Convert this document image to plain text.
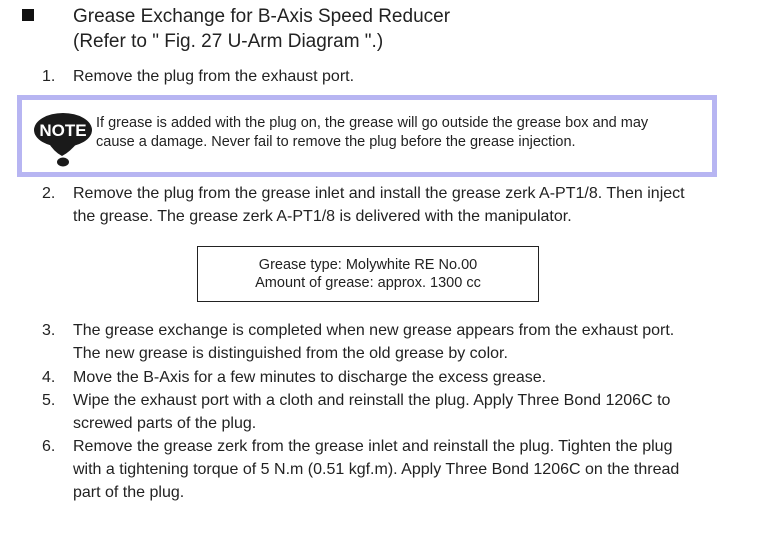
Grease Exchange for B-Axis Speed Reducer
(Refer to " Fig. 27 U-Arm Diagram ".)
1.	Remove the plug from the exhaust port.
NOTE If grease is added with the plug on, the grease will go outside the grease box and may
cause a damage. Never fail to remove the plug before the grease injection.
2.	Remove the plug from the grease inlet and install the grease zerk A-PT1/8. Then inject
the grease. The grease zerk A-PT1/8 is delivered with the manipulator.
Grease type: Molywhite RE No.00
Amount of grease: approx. 1300 cc
3.	The grease exchange is completed when new grease appears from the exhaust port.
The new grease is distinguished from the old grease by color.
4.	Move the B-Axis for a few minutes to discharge the excess grease.
5.	Wipe the exhaust port with a cloth and reinstall the plug. Apply Three Bond 1206C to
screwed parts of the plug.
6.	Remove the grease zerk from the grease inlet and reinstall the plug. Tighten the plug
with a tightening torque of 5 N.m (0.51 kgf.m). Apply Three Bond 1206C on the thread
part of the plug.
